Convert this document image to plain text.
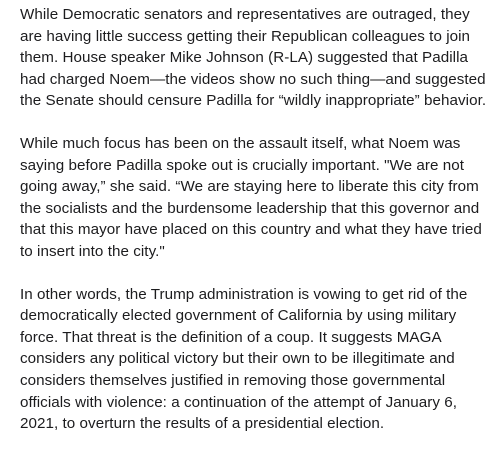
While Democratic senators and representatives are outraged, they are having little success getting their Republican colleagues to join them. House speaker Mike Johnson (R-LA) suggested that Padilla had charged Noem—the videos show no such thing—and suggested the Senate should censure Padilla for “wildly inappropriate” behavior.

While much focus has been on the assault itself, what Noem was saying before Padilla spoke out is crucially important. "We are not going away,” she said. “We are staying here to liberate this city from the socialists and the burdensome leadership that this governor and that this mayor have placed on this country and what they have tried to insert into the city."

In other words, the Trump administration is vowing to get rid of the democratically elected government of California by using military force. That threat is the definition of a coup. It suggests MAGA considers any political victory but their own to be illegitimate and considers themselves justified in removing those governmental officials with violence: a continuation of the attempt of January 6, 2021, to overturn the results of a presidential election.
